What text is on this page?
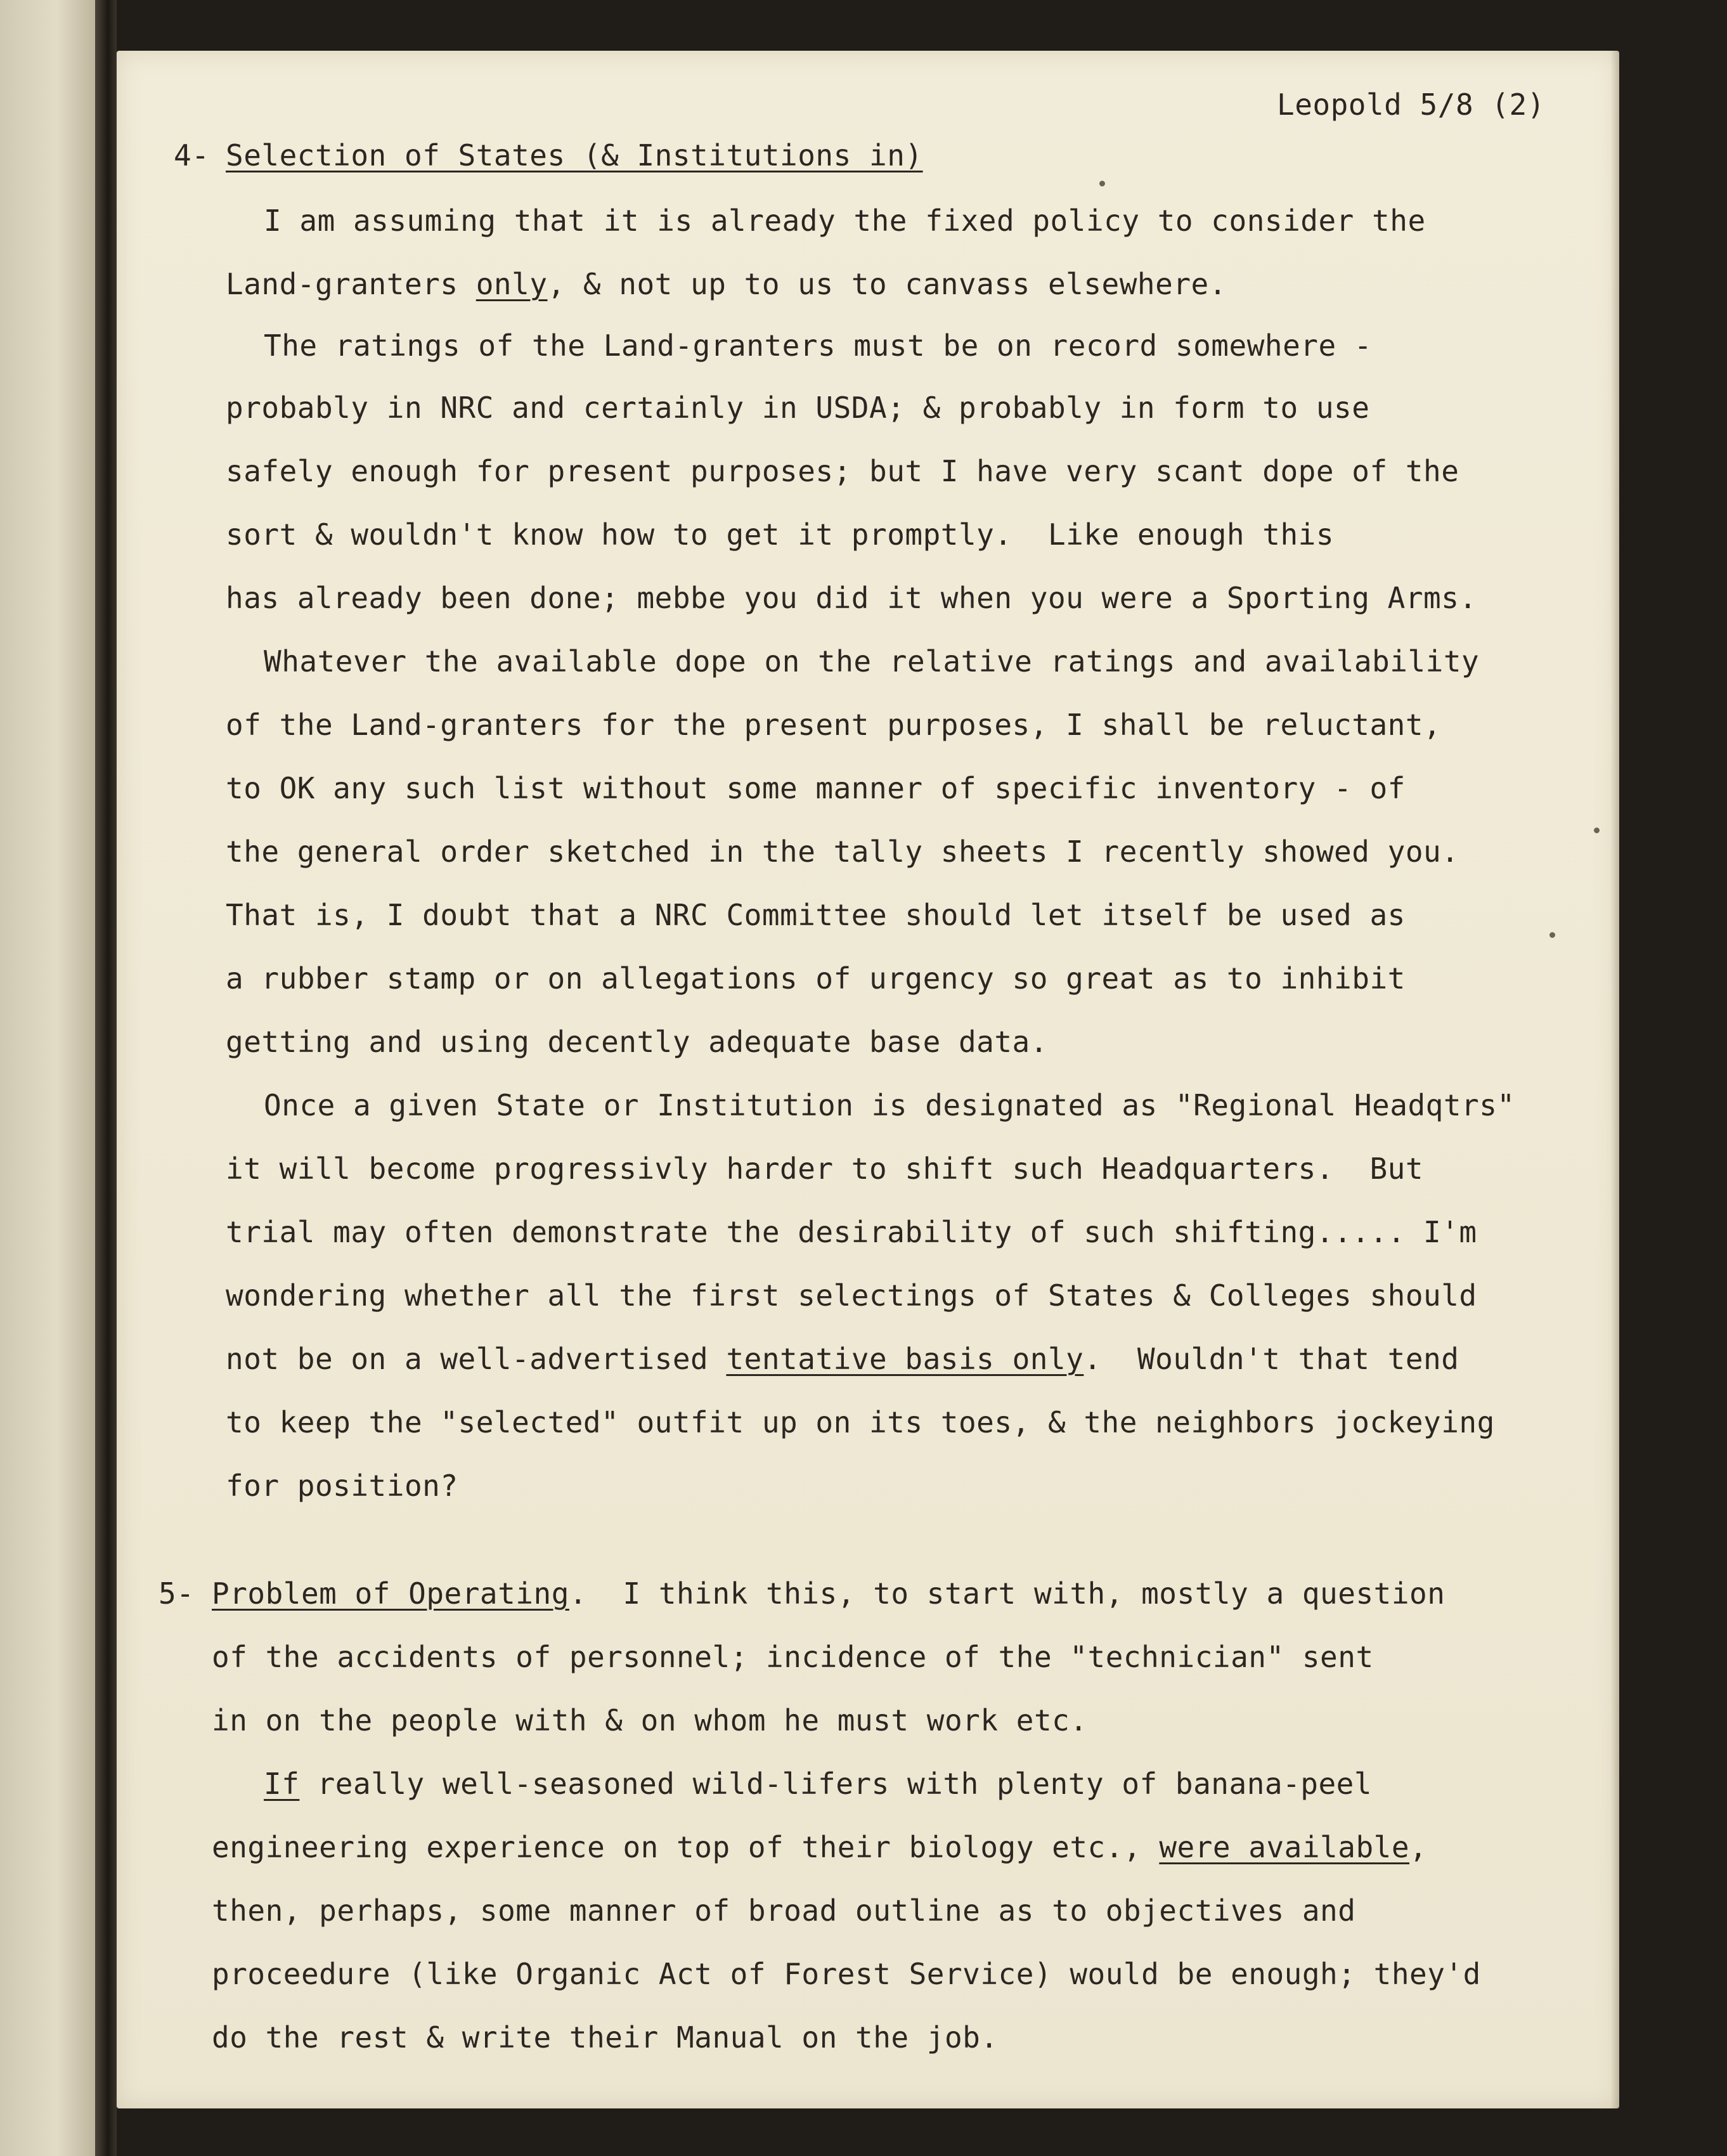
Leopold 5/8 (2)
4- Selection of States (& Institutions in)
I am assuming that it is already the fixed policy to consider the
Land-granters only, & not up to us to canvass elsewhere.
The ratings of the Land-granters must be on record somewhere -
probably in NRC and certainly in USDA; & probably in form to use
safely enough for present purposes; but I have very scant dope of the
sort & wouldn't know how to get it promptly.  Like enough this
has already been done; mebbe you did it when you were a Sporting Arms.
Whatever the available dope on the relative ratings and availability
of the Land-granters for the present purposes, I shall be reluctant,
to OK any such list without some manner of specific inventory - of
the general order sketched in the tally sheets I recently showed you.
That is, I doubt that a NRC Committee should let itself be used as
a rubber stamp or on allegations of urgency so great as to inhibit
getting and using decently adequate base data.
Once a given State or Institution is designated as "Regional Headqtrs"
it will become progressivly harder to shift such Headquarters.  But
trial may often demonstrate the desirability of such shifting..... I'm
wondering whether all the first selectings of States & Colleges should
not be on a well-advertised tentative basis only.  Wouldn't that tend
to keep the "selected" outfit up on its toes, & the neighbors jockeying
for position?
5- Problem of Operating.  I think this, to start with, mostly a question
of the accidents of personnel; incidence of the "technician" sent
in on the people with & on whom he must work etc.
If really well-seasoned wild-lifers with plenty of banana-peel
engineering experience on top of their biology etc., were available,
then, perhaps, some manner of broad outline as to objectives and
proceedure (like Organic Act of Forest Service) would be enough; they'd
do the rest & write their Manual on the job.
